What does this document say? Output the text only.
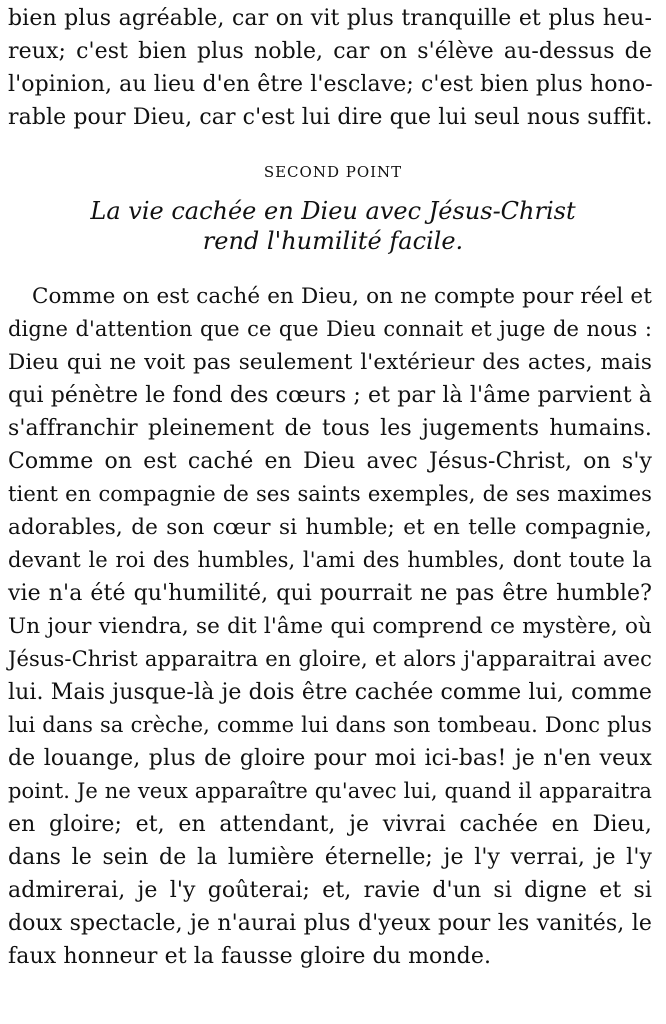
bien plus agréable, car on vit plus tranquille et plus heu-
reux; c'est bien plus noble, car on s'élève au-dessus de
l'opinion, au lieu d'en être l'esclave; c'est bien plus hono-
rable pour Dieu, car c'est lui dire que lui seul nous suffit.
SECOND POINT
La vie cachée en Dieu avec Jésus-Christ
rend l'humilité facile.
Comme on est caché en Dieu, on ne compte pour réel et
digne d'attention que ce que Dieu connait et juge de nous :
Dieu qui ne voit pas seulement l'extérieur des actes, mais
qui pénètre le fond des cœurs ; et par là l'âme parvient à
s'affranchir pleinement de tous les jugements humains.
Comme on est caché en Dieu avec Jésus-Christ, on s'y
tient en compagnie de ses saints exemples, de ses maximes
adorables, de son cœur si humble; et en telle compagnie,
devant le roi des humbles, l'ami des humbles, dont toute la
vie n'a été qu'humilité, qui pourrait ne pas être humble?
Un jour viendra, se dit l'âme qui comprend ce mystère, où
Jésus-Christ apparaitra en gloire, et alors j'apparaitrai avec
lui. Mais jusque-là je dois être cachée comme lui, comme
lui dans sa crèche, comme lui dans son tombeau. Donc plus
de louange, plus de gloire pour moi ici-bas! je n'en veux
point. Je ne veux apparaître qu'avec lui, quand il apparaitra
en gloire; et, en attendant, je vivrai cachée en Dieu,
dans le sein de la lumière éternelle; je l'y verrai, je l'y
admirerai, je l'y goûterai; et, ravie d'un si digne et si
doux spectacle, je n'aurai plus d'yeux pour les vanités, le
faux honneur et la fausse gloire du monde.
